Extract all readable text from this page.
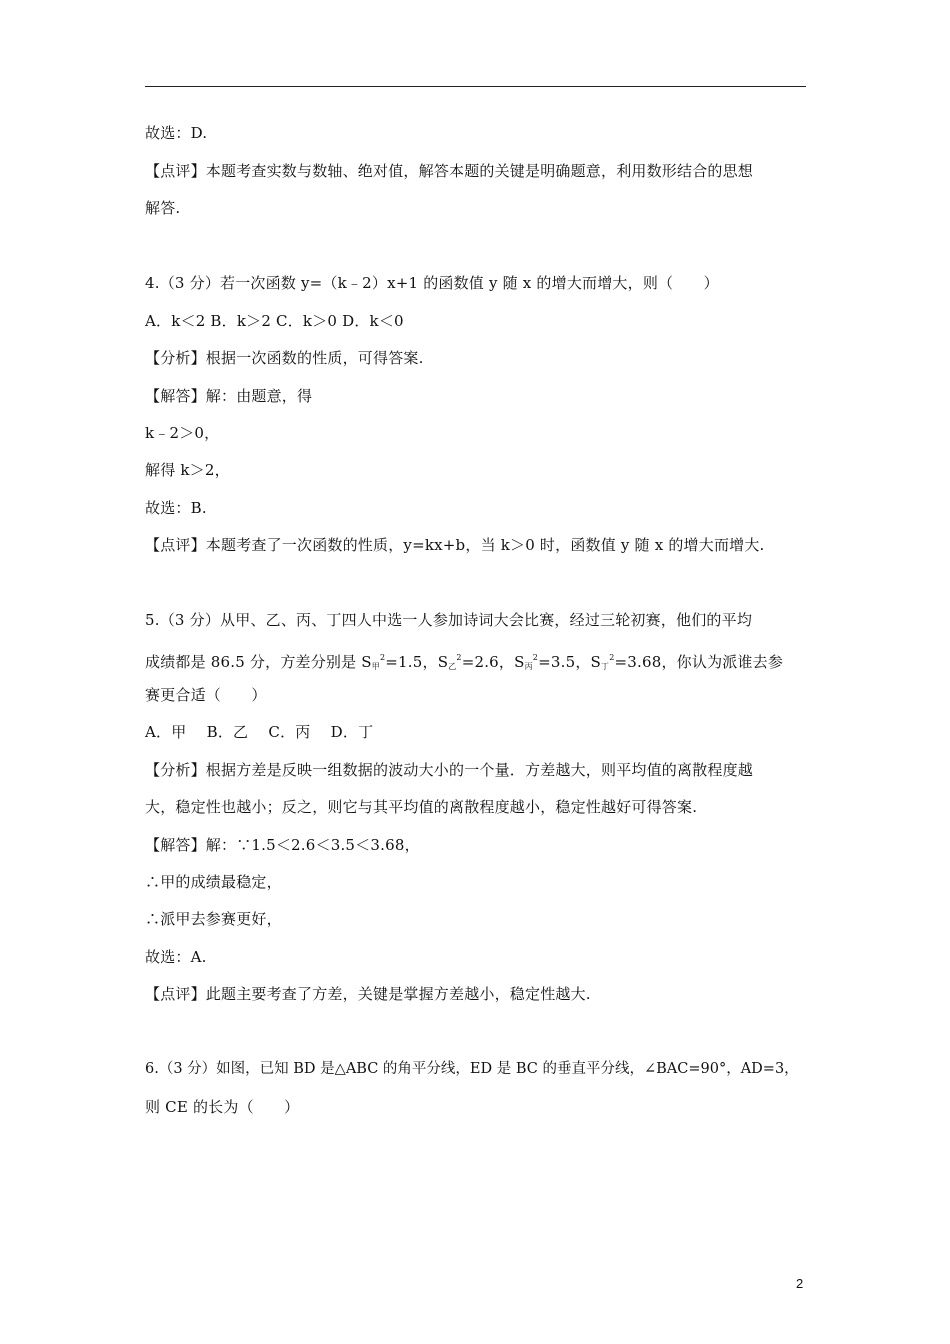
故选：D.
【点评】本题考查实数与数轴、绝对值，解答本题的关键是明确题意，利用数形结合的思想
解答.
4.（3 分）若一次函数 y=（k﹣2）x+1 的函数值 y 随 x 的增大而增大，则（　　）
A．k＜2 B．k＞2 C．k＞0 D．k＜0
【分析】根据一次函数的性质，可得答案.
【解答】解：由题意，得
k﹣2＞0，
解得 k＞2，
故选：B.
【点评】本题考查了一次函数的性质，y=kx+b，当 k＞0 时，函数值 y 随 x 的增大而增大.
5.（3 分）从甲、乙、丙、丁四人中选一人参加诗词大会比赛，经过三轮初赛，他们的平均
成绩都是 86.5 分，方差分别是 $S_甲^2=1.5$，$S_乙^2=2.6$，$S_丙^2=3.5$，$S_丁^2=3.68$，你认为派谁去参
赛更合适（　　）
A．甲　 B．乙　 C．丙　 D．丁
【分析】根据方差是反映一组数据的波动大小的一个量．方差越大，则平均值的离散程度越
大，稳定性也越小；反之，则它与其平均值的离散程度越小，稳定性越好可得答案.
【解答】解：∵1.5＜2.6＜3.5＜3.68，
∴甲的成绩最稳定，
∴派甲去参赛更好，
故选：A.
【点评】此题主要考查了方差，关键是掌握方差越小，稳定性越大.
6.（3 分）如图，已知 BD 是△ABC 的角平分线，ED 是 BC 的垂直平分线，∠BAC=90°，AD=3，
则 CE 的长为（　　）
2
